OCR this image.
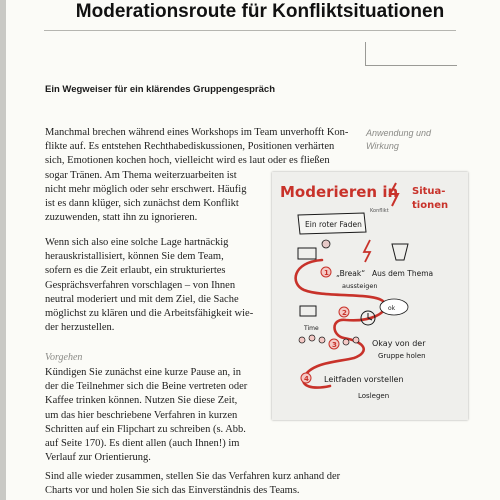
Moderationsroute für Konfliktsituationen
Ein Wegweiser für ein klärendes Gruppengespräch
Anwendung und
Wirkung

Manchmal brechen während eines Workshops im Team unverhofft Kon-
flikte auf. Es entstehen Rechthabediskussionen, Positionen verhärten
sich, Emotionen kochen hoch, vielleicht wird es laut oder es fließen
sogar Tränen. Am Thema weiterzuarbeiten ist
nicht mehr möglich oder sehr erschwert. Häufig
ist es dann klüger, sich zunächst dem Konflikt
zuzuwenden, statt ihn zu ignorieren.

Wenn sich also eine solche Lage hartnäckig
herauskristallisiert, können Sie dem Team,
sofern es die Zeit erlaubt, ein strukturiertes
Gesprächsverfahren vorschlagen – von Ihnen
neutral moderiert und mit dem Ziel, die Sache
möglichst zu klären und die Arbeitsfähigkeit wie-
der herzustellen.

Vorgehen

Kündigen Sie zunächst eine kurze Pause an, in
der die Teilnehmer sich die Beine vertreten oder
Kaffee trinken können. Nutzen Sie diese Zeit,
um das hier beschriebene Verfahren in kurzen
Schritten auf ein Flipchart zu schreiben (s. Abb.
auf Seite 170). Es dient allen (auch Ihnen!) im
Verlauf zur Orientierung.

Sind alle wieder zusammen, stellen Sie das Verfahren kurz anhand der
Charts vor und holen Sie sich das Einverständnis des Teams.

Moderieren in Situa-
tionen
Konflikt
Ein roter Faden
1 „Break“ Aus dem Thema
aussteigen
Time
2
ok
3	Okay von der
Gruppe holen
4 Leitfaden vorstellen
Loslegen
